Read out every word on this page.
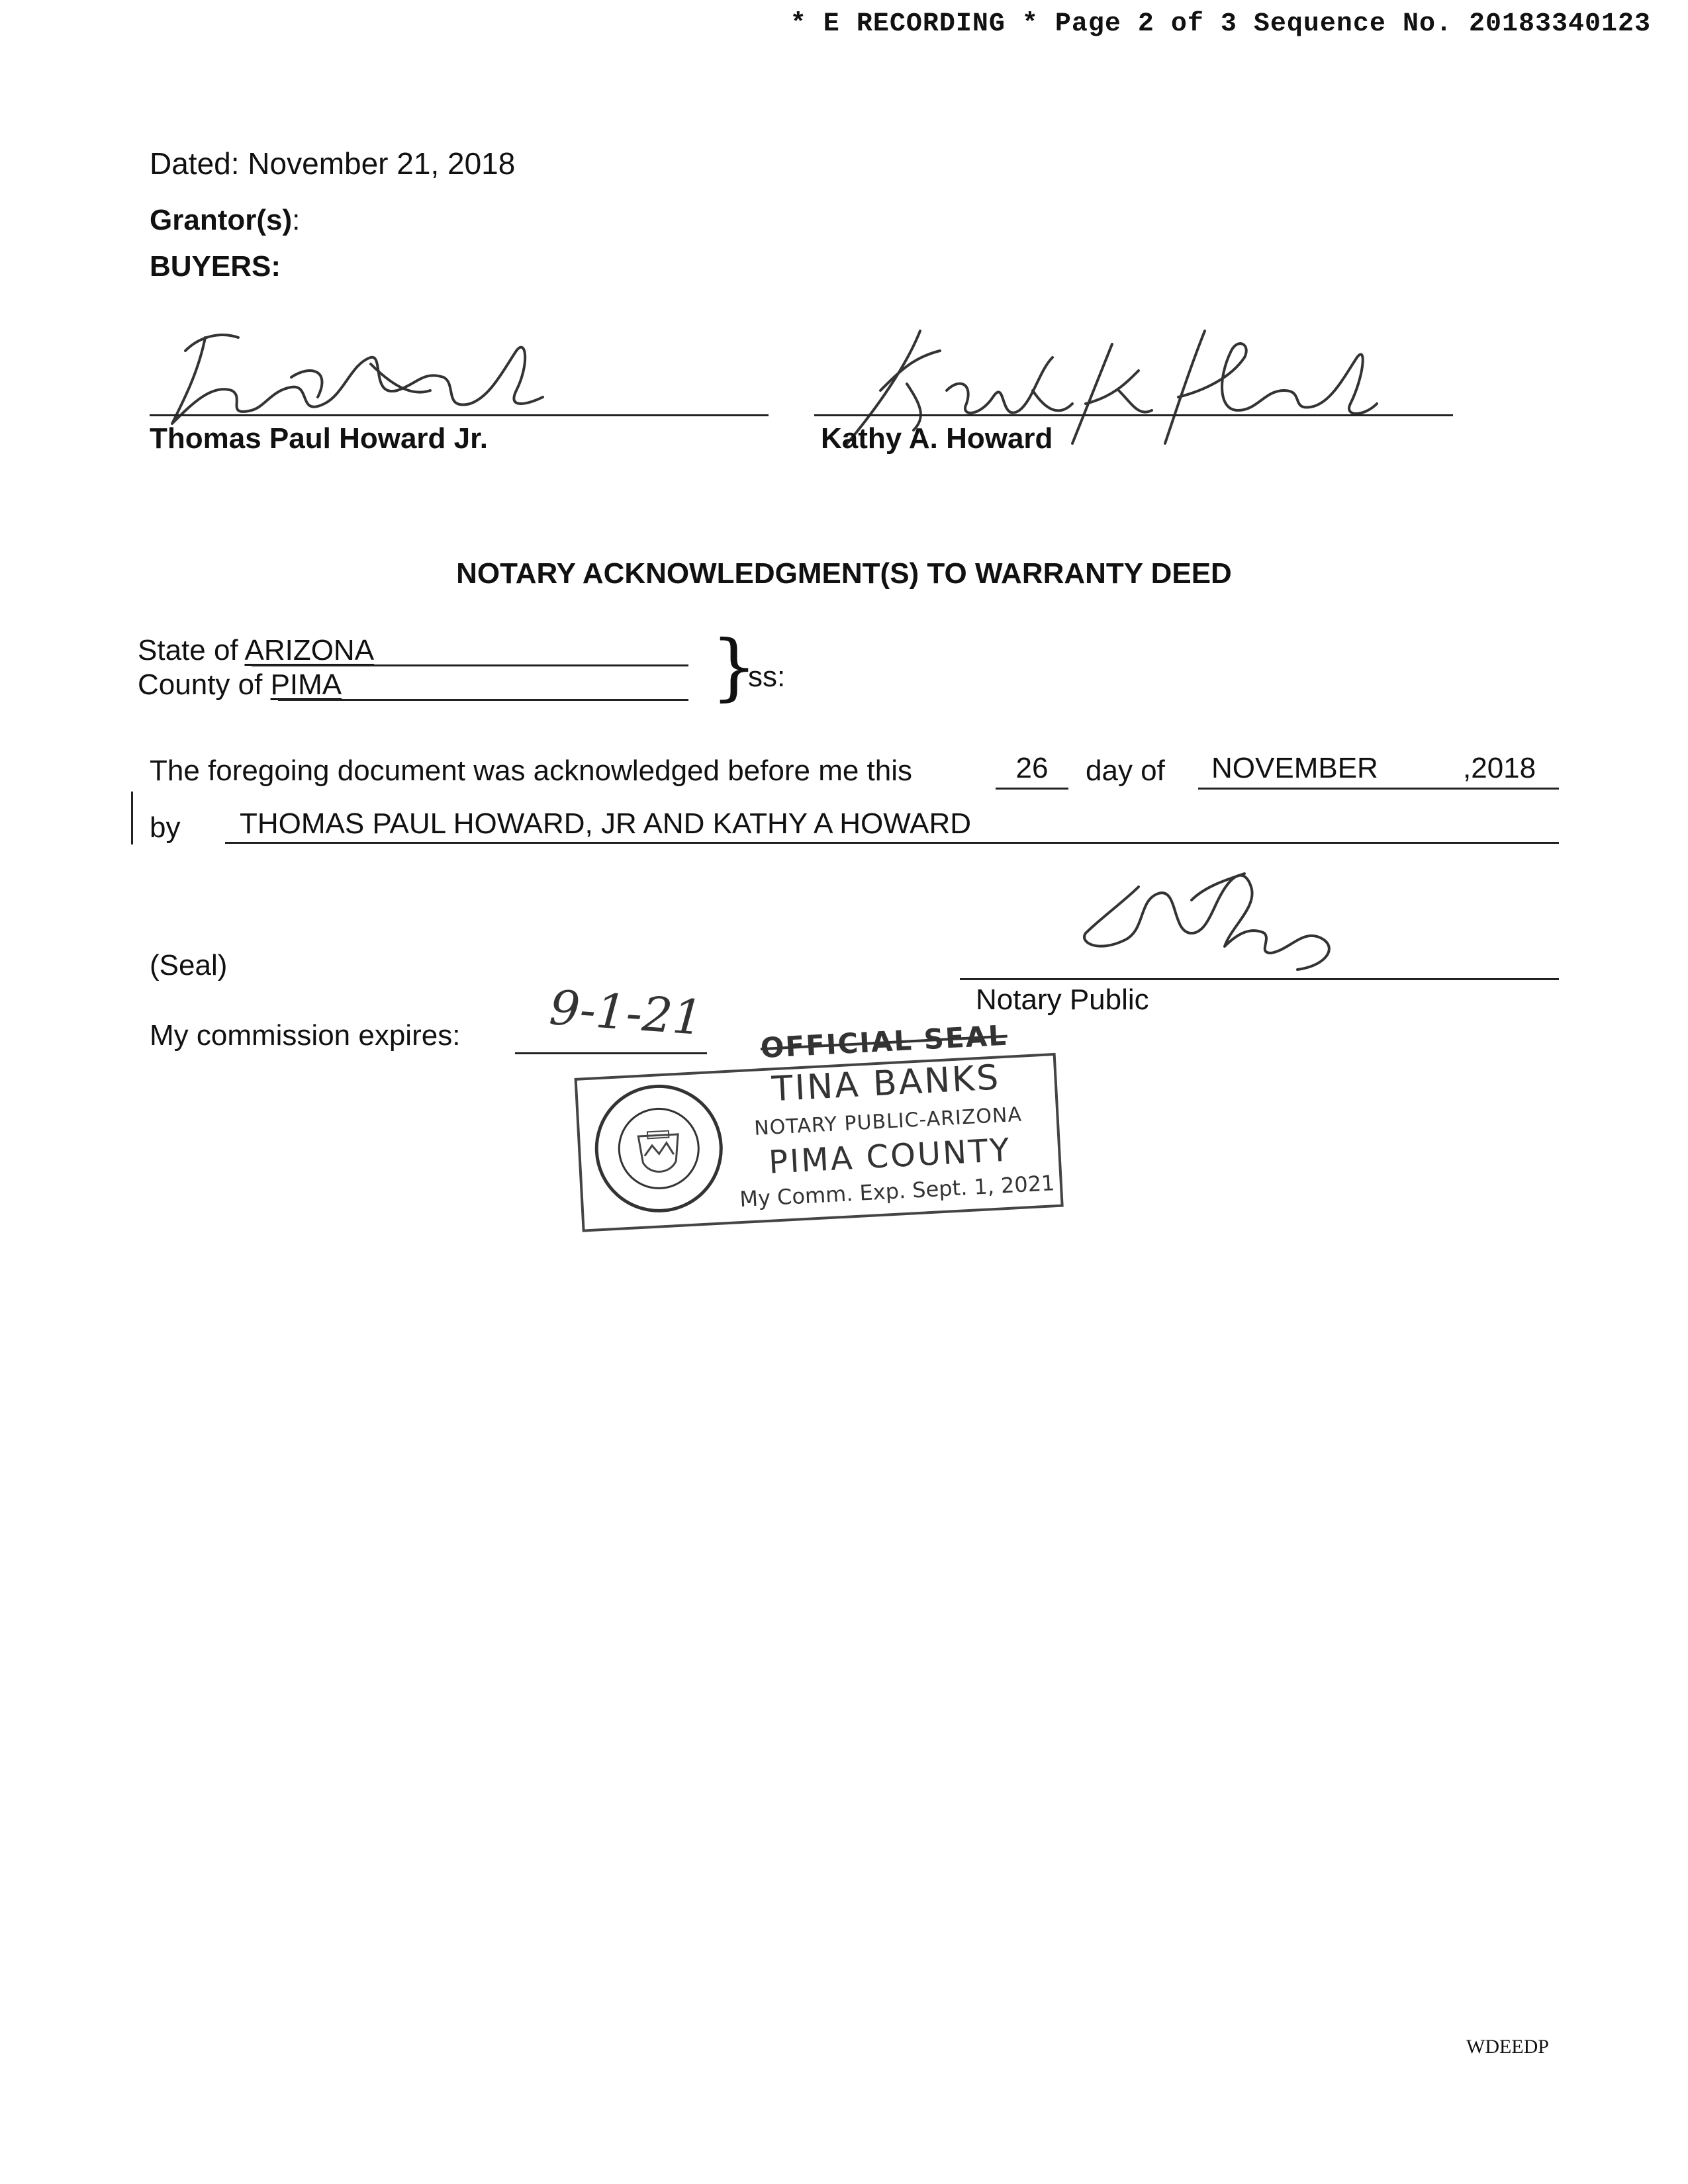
* E RECORDING * Page 2 of 3 Sequence No. 20183340123
Dated: November 21, 2018
Grantor(s):
BUYERS:
Thomas Paul Howard Jr.	Kathy A. Howard
NOTARY ACKNOWLEDGMENT(S) TO WARRANTY DEED
State of ARIZONA
County of PIMA	}
ss:
The foregoing document was acknowledged before me this	26	day of NOVEMBER	,2018
by THOMAS PAUL HOWARD, JR AND KATHY A HOWARD
Notary Public
(Seal)
My commission expires: 9-1-21	OFFICIAL SEAL
TINA BANKS
NOTARY PUBLIC-ARIZONA
PIMA COUNTY
My Comm. Exp. Sept. 1, 2021
WDEEDP
